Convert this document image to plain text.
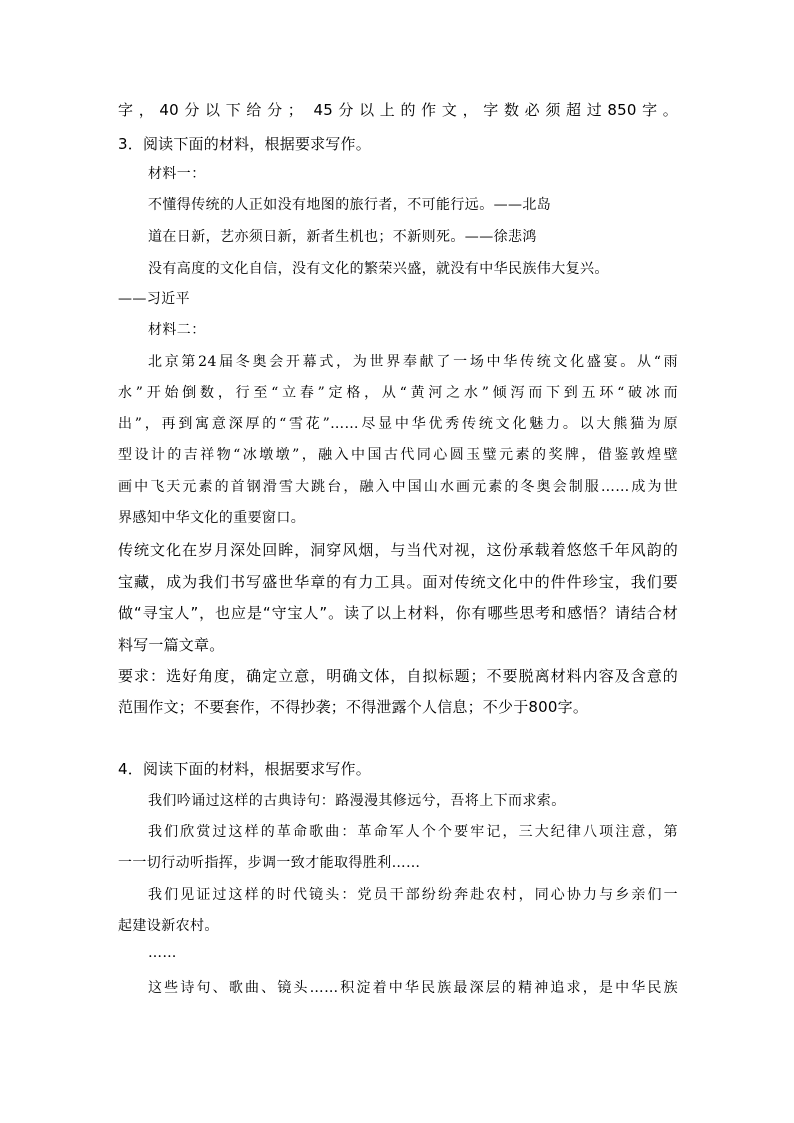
字，40分以下给分； 45分以上的作文，字数必须超过850字。
3．阅读下面的材料，根据要求写作。
材料一：
不懂得传统的人正如没有地图的旅行者，不可能行远。——北岛
道在日新，艺亦须日新，新者生机也；不新则死。——徐悲鸿
没有高度的文化自信，没有文化的繁荣兴盛，就没有中华民族伟大复兴。
——习近平
材料二：
北京第24届冬奥会开幕式，为世界奉献了一场中华传统文化盛宴。从“雨
水”开始倒数，行至“立春”定格，从“黄河之水”倾泻而下到五环“破冰而
出”，再到寓意深厚的“雪花”……尽显中华优秀传统文化魅力。以大熊猫为原
型设计的吉祥物“冰墩墩”，融入中国古代同心圆玉璧元素的奖牌，借鉴敦煌壁
画中飞天元素的首钢滑雪大跳台，融入中国山水画元素的冬奥会制服……成为世
界感知中华文化的重要窗口。
传统文化在岁月深处回眸，洞穿风烟，与当代对视，这份承载着悠悠千年风韵的
宝藏，成为我们书写盛世华章的有力工具。面对传统文化中的件件珍宝，我们要
做“寻宝人”，也应是“守宝人”。读了以上材料，你有哪些思考和感悟？请结合材
料写一篇文章。
要求：选好角度，确定立意，明确文体，自拟标题；不要脱离材料内容及含意的
范围作文；不要套作，不得抄袭；不得泄露个人信息；不少于800字。
4．阅读下面的材料，根据要求写作。
我们吟诵过这样的古典诗句：路漫漫其修远兮，吾将上下而求索。
我们欣赏过这样的革命歌曲：革命军人个个要牢记，三大纪律八项注意，第
一一切行动听指挥，步调一致才能取得胜利……
我们见证过这样的时代镜头：党员干部纷纷奔赴农村，同心协力与乡亲们一
起建设新农村。
……
这些诗句、歌曲、镜头……积淀着中华民族最深层的精神追求，是中华民族
